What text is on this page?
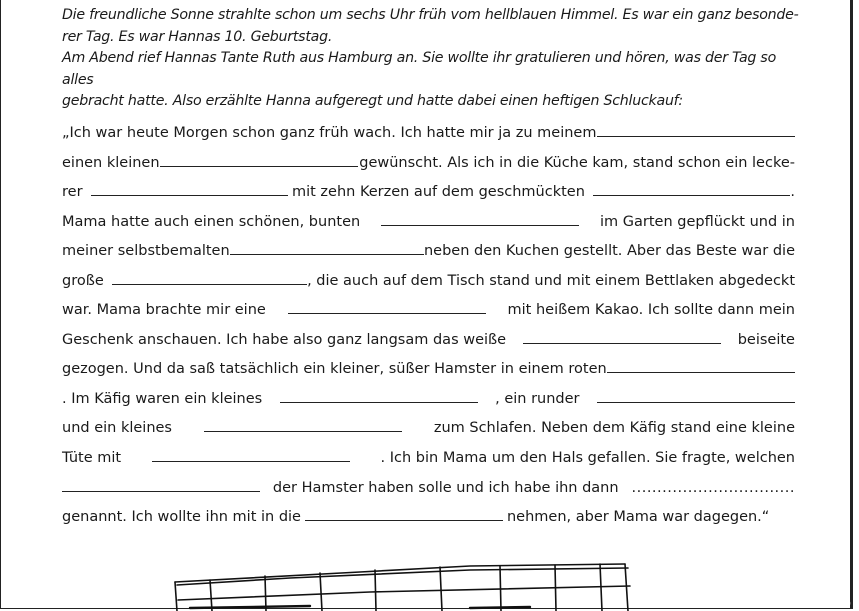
Die freundliche Sonne strahlte schon um sechs Uhr früh vom hellblauen Himmel. Es war ein ganz besonde-

rer Tag. Es war Hannas 10. Geburtstag.

Am Abend rief Hannas Tante Ruth aus Hamburg an. Sie wollte ihr gratulieren und hören, was der Tag so alles

gebracht hatte. Also erzählte Hanna aufgeregt und hatte dabei einen heftigen Schluckauf:

„Ich war heute Morgen schon ganz früh wach. Ich hatte mir ja zu meinem
einen kleinen	gewünscht. Als ich in die Küche kam, stand schon ein lecke-
rer	mit zehn Kerzen auf dem geschmückten	.
Mama hatte auch einen schönen, bunten	im Garten gepflückt und in
meiner selbstbemalten	neben den Kuchen gestellt. Aber das Beste war die
große	, die auch auf dem Tisch stand und mit einem Bettlaken abgedeckt
war. Mama brachte mir eine	mit heißem Kakao. Ich sollte dann mein
Geschenk anschauen. Ich habe also ganz langsam das weiße	beiseite
gezogen. Und da saß tatsächlich ein kleiner, süßer Hamster in einem roten
. Im Käfig waren ein kleines	, ein runder
und ein kleines	zum Schlafen. Neben dem Käfig stand eine kleine
Tüte mit	. Ich bin Mama um den Hals gefallen. Sie fragte, welchen
der Hamster haben solle und ich habe ihn dann ................................
genannt. Ich wollte ihn mit in die	nehmen, aber Mama war dagegen.“
© Stefanie Drescher, Lehrerbüro
